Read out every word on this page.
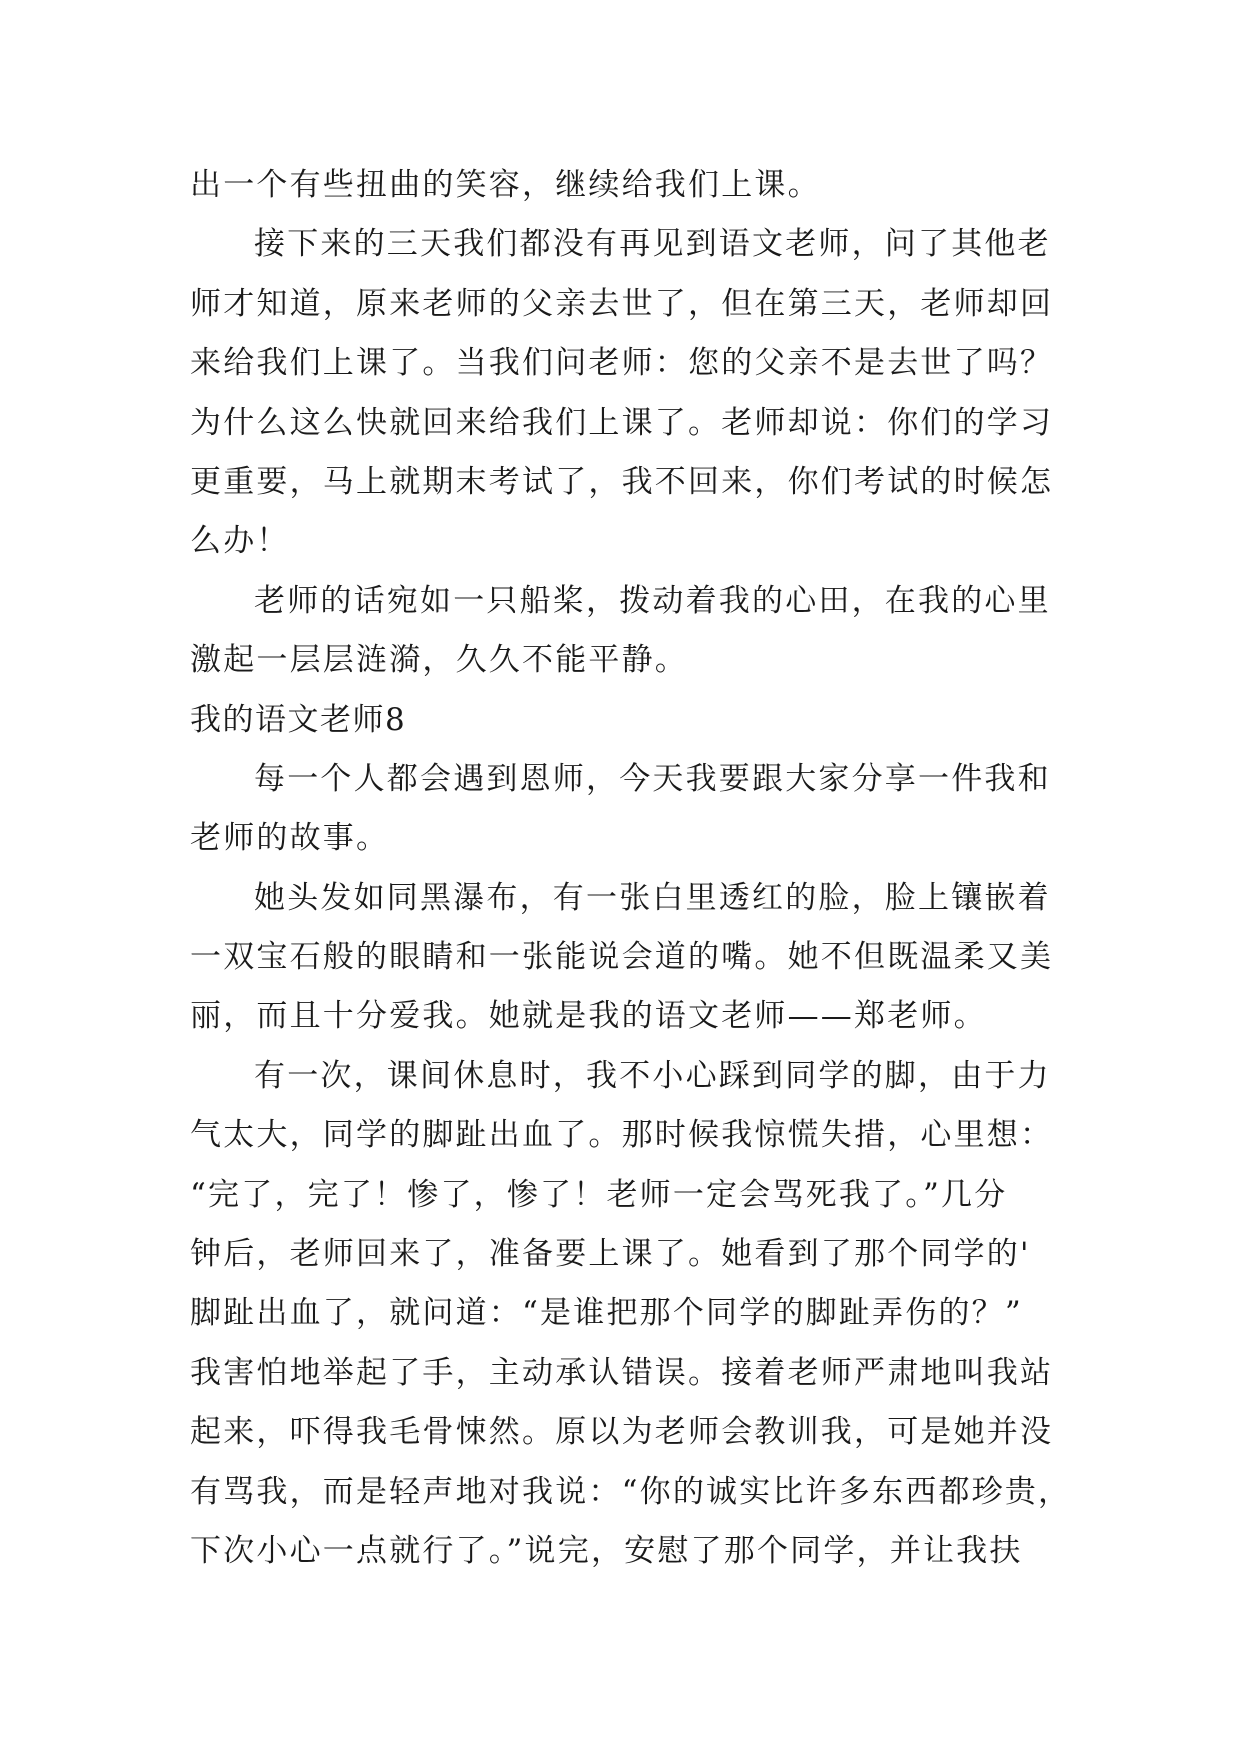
出一个有些扭曲的笑容，继续给我们上课。
接下来的三天我们都没有再见到语文老师，问了其他老
师才知道，原来老师的父亲去世了，但在第三天，老师却回
来给我们上课了。当我们问老师：您的父亲不是去世了吗？
为什么这么快就回来给我们上课了。老师却说：你们的学习
更重要，马上就期末考试了，我不回来，你们考试的时候怎
么办！
老师的话宛如一只船桨，拨动着我的心田，在我的心里
激起一层层涟漪，久久不能平静。
我的语文老师8
每一个人都会遇到恩师，今天我要跟大家分享一件我和
老师的故事。
她头发如同黑瀑布，有一张白里透红的脸，脸上镶嵌着
一双宝石般的眼睛和一张能说会道的嘴。她不但既温柔又美
丽，而且十分爱我。她就是我的语文老师——郑老师。
有一次，课间休息时，我不小心踩到同学的脚，由于力
气太大，同学的脚趾出血了。那时候我惊慌失措，心里想：
“完了，完了！惨了，惨了！老师一定会骂死我了。”几分
钟后，老师回来了，准备要上课了。她看到了那个同学的'
脚趾出血了，就问道：“是谁把那个同学的脚趾弄伤的？”
我害怕地举起了手，主动承认错误。接着老师严肃地叫我站
起来，吓得我毛骨悚然。原以为老师会教训我，可是她并没
有骂我，而是轻声地对我说：“你的诚实比许多东西都珍贵，
下次小心一点就行了。”说完，安慰了那个同学，并让我扶
